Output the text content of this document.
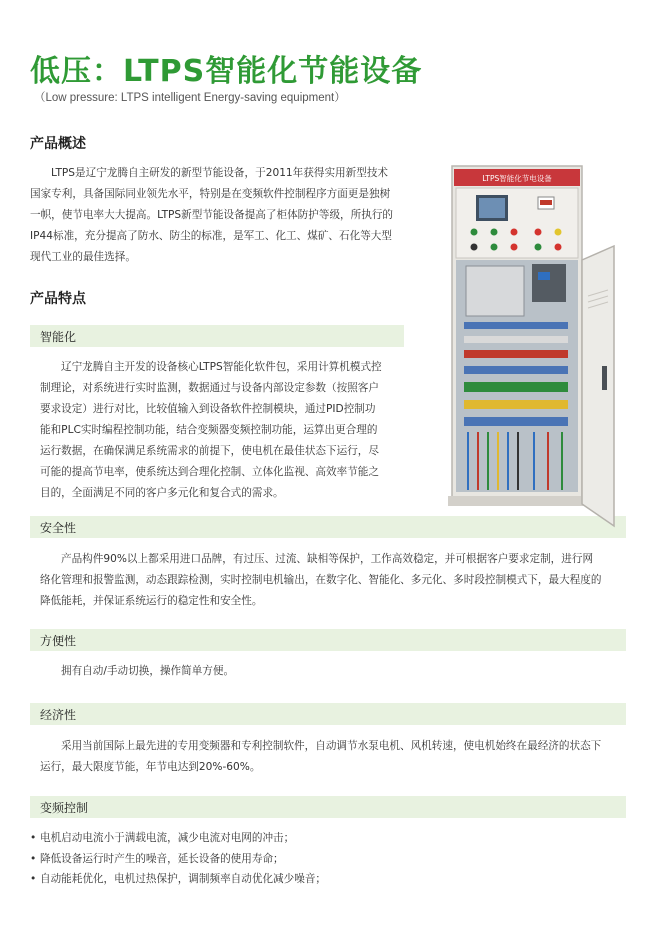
低压：LTPS智能化节能设备
（Low pressure: LTPS intelligent Energy-saving equipment）
产品概述
LTPS是辽宁龙腾自主研发的新型节能设备，于2011年获得实用新型技术
国家专利，具备国际同业领先水平，特别是在变频软件控制程序方面更是独树
一帜，使节电率大大提高。LTPS新型节能设备提高了柜体防护等级，所执行的
IP44标准，充分提高了防水、防尘的标准，是军工、化工、煤矿、石化等大型
现代工业的最佳选择。
产品特点
智能化
辽宁龙腾自主开发的设备核心LTPS智能化软件包，采用计算机模式控
制理论，对系统进行实时监测，数据通过与设备内部设定参数（按照客户
要求设定）进行对比，比较值输入到设备软件控制模块，通过PID控制功
能和PLC实时编程控制功能，结合变频器变频控制功能，运算出更合理的
运行数据，在确保满足系统需求的前提下，使电机在最佳状态下运行，尽
可能的提高节电率，使系统达到合理化控制、立体化监视、高效率节能之
目的，全面满足不同的客户多元化和复合式的需求。
安全性
产品构件90%以上都采用进口品牌，有过压、过流、缺相等保护，工作高效稳定，并可根据客户要求定制，进行网
络化管理和报警监测，动态跟踪检测，实时控制电机输出，在数字化、智能化、多元化、多时段控制模式下，最大程度的
降低能耗，并保证系统运行的稳定性和安全性。
方便性
拥有自动/手动切换，操作简单方便。
经济性
采用当前国际上最先进的专用变频器和专利控制软件，自动调节水泵电机、风机转速，使电机始终在最经济的状态下
运行，最大限度节能，年节电达到20%-60%。
变频控制
• 电机启动电流小于满载电流，减少电流对电网的冲击；
• 降低设备运行时产生的噪音，延长设备的使用寿命；
• 自动能耗优化，电机过热保护，调制频率自动优化减少噪音；
LTPS智能化节电设备
